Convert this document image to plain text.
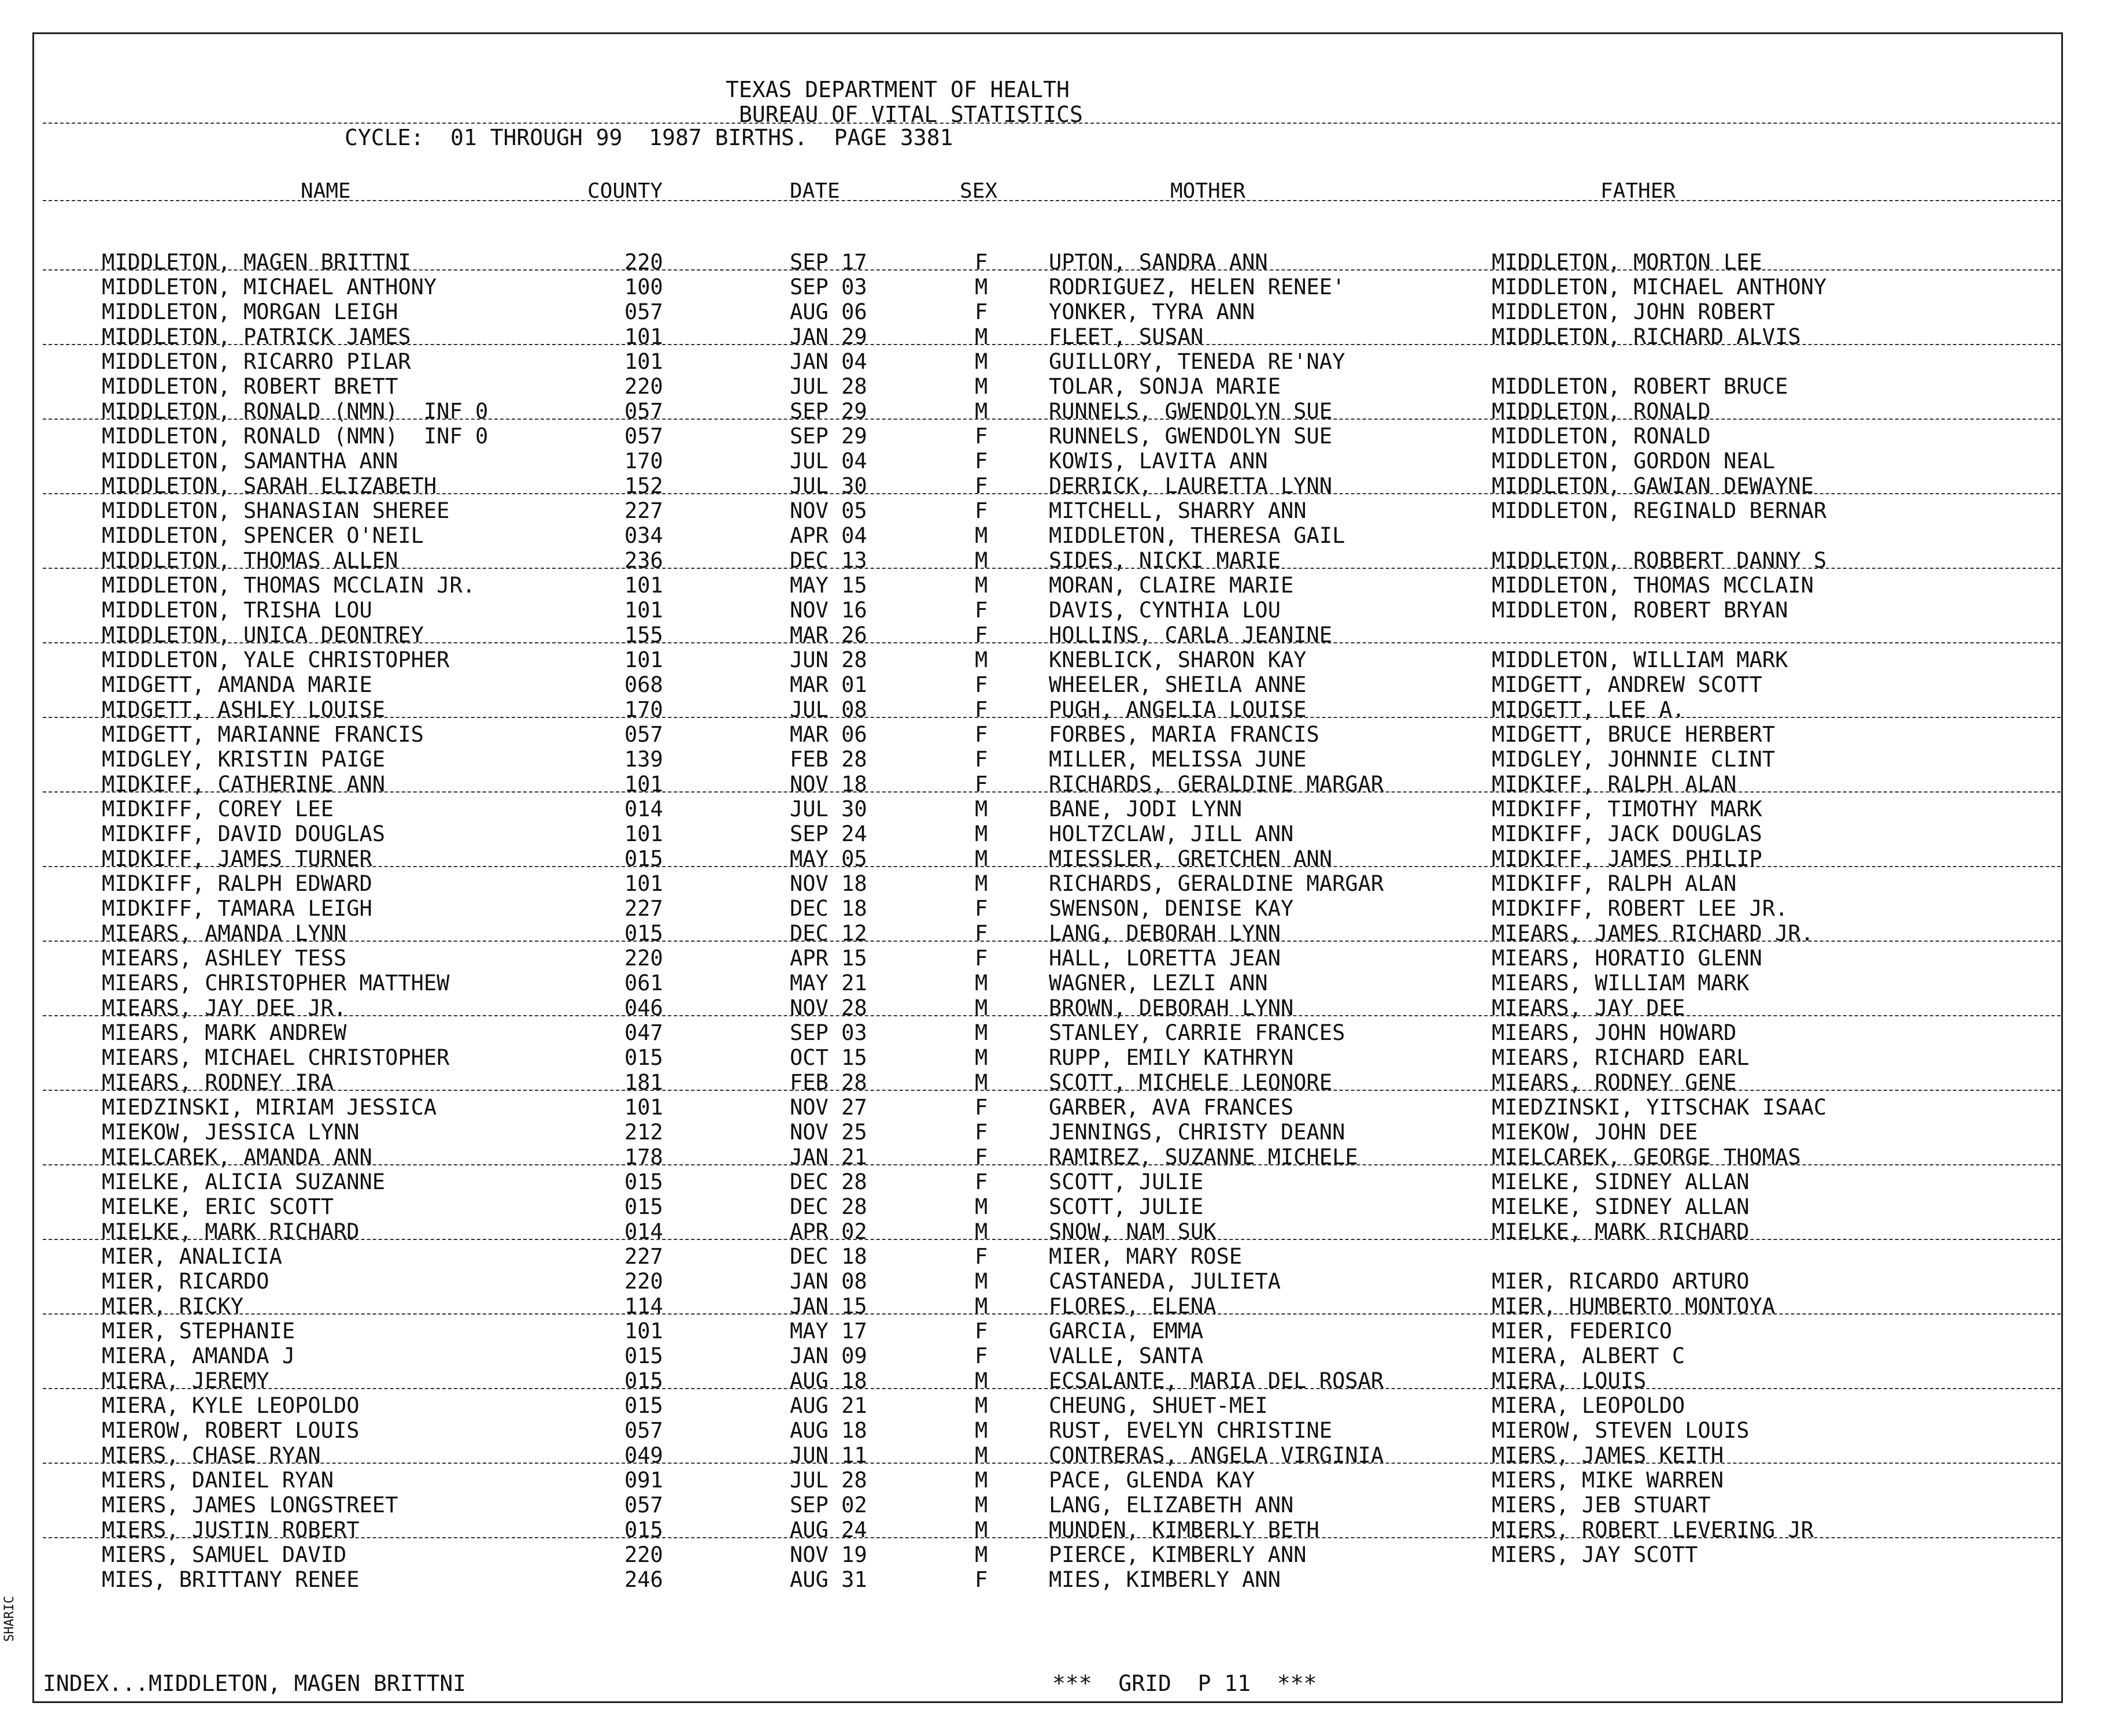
TEXAS DEPARTMENT OF HEALTH
BUREAU OF VITAL STATISTICS
CYCLE:  01 THROUGH 99  1987 BIRTHS.  PAGE 3381
NAME	COUNTY	DATE	SEX	MOTHER	FATHER
MIDDLETON, MAGEN BRITTNI	220	SEP 17	F	UPTON, SANDRA ANN	MIDDLETON, MORTON LEE
MIDDLETON, MICHAEL ANTHONY	100	SEP 03	M	RODRIGUEZ, HELEN RENEE'	MIDDLETON, MICHAEL ANTHONY
MIDDLETON, MORGAN LEIGH	057	AUG 06	F	YONKER, TYRA ANN	MIDDLETON, JOHN ROBERT
MIDDLETON, PATRICK JAMES	101	JAN 29	M	FLEET, SUSAN	MIDDLETON, RICHARD ALVIS
MIDDLETON, RICARRO PILAR	101	JAN 04	M	GUILLORY, TENEDA RE'NAY
MIDDLETON, ROBERT BRETT	220	JUL 28	M	TOLAR, SONJA MARIE	MIDDLETON, ROBERT BRUCE
MIDDLETON, RONALD (NMN)  INF 0	057	SEP 29	M	RUNNELS, GWENDOLYN SUE	MIDDLETON, RONALD
MIDDLETON, RONALD (NMN)  INF 0	057	SEP 29	F	RUNNELS, GWENDOLYN SUE	MIDDLETON, RONALD
MIDDLETON, SAMANTHA ANN	170	JUL 04	F	KOWIS, LAVITA ANN	MIDDLETON, GORDON NEAL
MIDDLETON, SARAH ELIZABETH	152	JUL 30	F	DERRICK, LAURETTA LYNN	MIDDLETON, GAWIAN DEWAYNE
MIDDLETON, SHANASIAN SHEREE	227	NOV 05	F	MITCHELL, SHARRY ANN	MIDDLETON, REGINALD BERNAR
MIDDLETON, SPENCER O'NEIL	034	APR 04	M	MIDDLETON, THERESA GAIL
MIDDLETON, THOMAS ALLEN	236	DEC 13	M	SIDES, NICKI MARIE	MIDDLETON, ROBBERT DANNY S
MIDDLETON, THOMAS MCCLAIN JR.	101	MAY 15	M	MORAN, CLAIRE MARIE	MIDDLETON, THOMAS MCCLAIN
MIDDLETON, TRISHA LOU	101	NOV 16	F	DAVIS, CYNTHIA LOU	MIDDLETON, ROBERT BRYAN
MIDDLETON, UNICA DEONTREY	155	MAR 26	F	HOLLINS, CARLA JEANINE
MIDDLETON, YALE CHRISTOPHER	101	JUN 28	M	KNEBLICK, SHARON KAY	MIDDLETON, WILLIAM MARK
MIDGETT, AMANDA MARIE	068	MAR 01	F	WHEELER, SHEILA ANNE	MIDGETT, ANDREW SCOTT
MIDGETT, ASHLEY LOUISE	170	JUL 08	F	PUGH, ANGELIA LOUISE	MIDGETT, LEE A.
MIDGETT, MARIANNE FRANCIS	057	MAR 06	F	FORBES, MARIA FRANCIS	MIDGETT, BRUCE HERBERT
MIDGLEY, KRISTIN PAIGE	139	FEB 28	F	MILLER, MELISSA JUNE	MIDGLEY, JOHNNIE CLINT
MIDKIFF, CATHERINE ANN	101	NOV 18	F	RICHARDS, GERALDINE MARGAR	MIDKIFF, RALPH ALAN
MIDKIFF, COREY LEE	014	JUL 30	M	BANE, JODI LYNN	MIDKIFF, TIMOTHY MARK
MIDKIFF, DAVID DOUGLAS	101	SEP 24	M	HOLTZCLAW, JILL ANN	MIDKIFF, JACK DOUGLAS
MIDKIFF, JAMES TURNER	015	MAY 05	M	MIESSLER, GRETCHEN ANN	MIDKIFF, JAMES PHILIP
MIDKIFF, RALPH EDWARD	101	NOV 18	M	RICHARDS, GERALDINE MARGAR	MIDKIFF, RALPH ALAN
MIDKIFF, TAMARA LEIGH	227	DEC 18	F	SWENSON, DENISE KAY	MIDKIFF, ROBERT LEE JR.
MIEARS, AMANDA LYNN	015	DEC 12	F	LANG, DEBORAH LYNN	MIEARS, JAMES RICHARD JR.
MIEARS, ASHLEY TESS	220	APR 15	F	HALL, LORETTA JEAN	MIEARS, HORATIO GLENN
MIEARS, CHRISTOPHER MATTHEW	061	MAY 21	M	WAGNER, LEZLI ANN	MIEARS, WILLIAM MARK
MIEARS, JAY DEE JR.	046	NOV 28	M	BROWN, DEBORAH LYNN	MIEARS, JAY DEE
MIEARS, MARK ANDREW	047	SEP 03	M	STANLEY, CARRIE FRANCES	MIEARS, JOHN HOWARD
MIEARS, MICHAEL CHRISTOPHER	015	OCT 15	M	RUPP, EMILY KATHRYN	MIEARS, RICHARD EARL
MIEARS, RODNEY IRA	181	FEB 28	M	SCOTT, MICHELE LEONORE	MIEARS, RODNEY GENE
MIEDZINSKI, MIRIAM JESSICA	101	NOV 27	F	GARBER, AVA FRANCES	MIEDZINSKI, YITSCHAK ISAAC
MIEKOW, JESSICA LYNN	212	NOV 25	F	JENNINGS, CHRISTY DEANN	MIEKOW, JOHN DEE
MIELCAREK, AMANDA ANN	178	JAN 21	F	RAMIREZ, SUZANNE MICHELE	MIELCAREK, GEORGE THOMAS
MIELKE, ALICIA SUZANNE	015	DEC 28	F	SCOTT, JULIE	MIELKE, SIDNEY ALLAN
MIELKE, ERIC SCOTT	015	DEC 28	M	SCOTT, JULIE	MIELKE, SIDNEY ALLAN
MIELKE, MARK RICHARD	014	APR 02	M	SNOW, NAM SUK	MIELKE, MARK RICHARD
MIER, ANALICIA	227	DEC 18	F	MIER, MARY ROSE
MIER, RICARDO	220	JAN 08	M	CASTANEDA, JULIETA	MIER, RICARDO ARTURO
MIER, RICKY	114	JAN 15	M	FLORES, ELENA	MIER, HUMBERTO MONTOYA
MIER, STEPHANIE	101	MAY 17	F	GARCIA, EMMA	MIER, FEDERICO
MIERA, AMANDA J	015	JAN 09	F	VALLE, SANTA	MIERA, ALBERT C
MIERA, JEREMY	015	AUG 18	M	ECSALANTE, MARIA DEL ROSAR	MIERA, LOUIS
MIERA, KYLE LEOPOLDO	015	AUG 21	M	CHEUNG, SHUET-MEI	MIERA, LEOPOLDO
MIEROW, ROBERT LOUIS	057	AUG 18	M	RUST, EVELYN CHRISTINE	MIEROW, STEVEN LOUIS
MIERS, CHASE RYAN	049	JUN 11	M	CONTRERAS, ANGELA VIRGINIA	MIERS, JAMES KEITH
MIERS, DANIEL RYAN	091	JUL 28	M	PACE, GLENDA KAY	MIERS, MIKE WARREN
MIERS, JAMES LONGSTREET	057	SEP 02	M	LANG, ELIZABETH ANN	MIERS, JEB STUART
MIERS, JUSTIN ROBERT	015	AUG 24	M	MUNDEN, KIMBERLY BETH	MIERS, ROBERT LEVERING JR
MIERS, SAMUEL DAVID	220	NOV 19	M	PIERCE, KIMBERLY ANN	MIERS, JAY SCOTT
MIES, BRITTANY RENEE	246	AUG 31	F	MIES, KIMBERLY ANN
INDEX...MIDDLETON, MAGEN BRITTNI	***  GRID  P 11  ***
SHARIC
